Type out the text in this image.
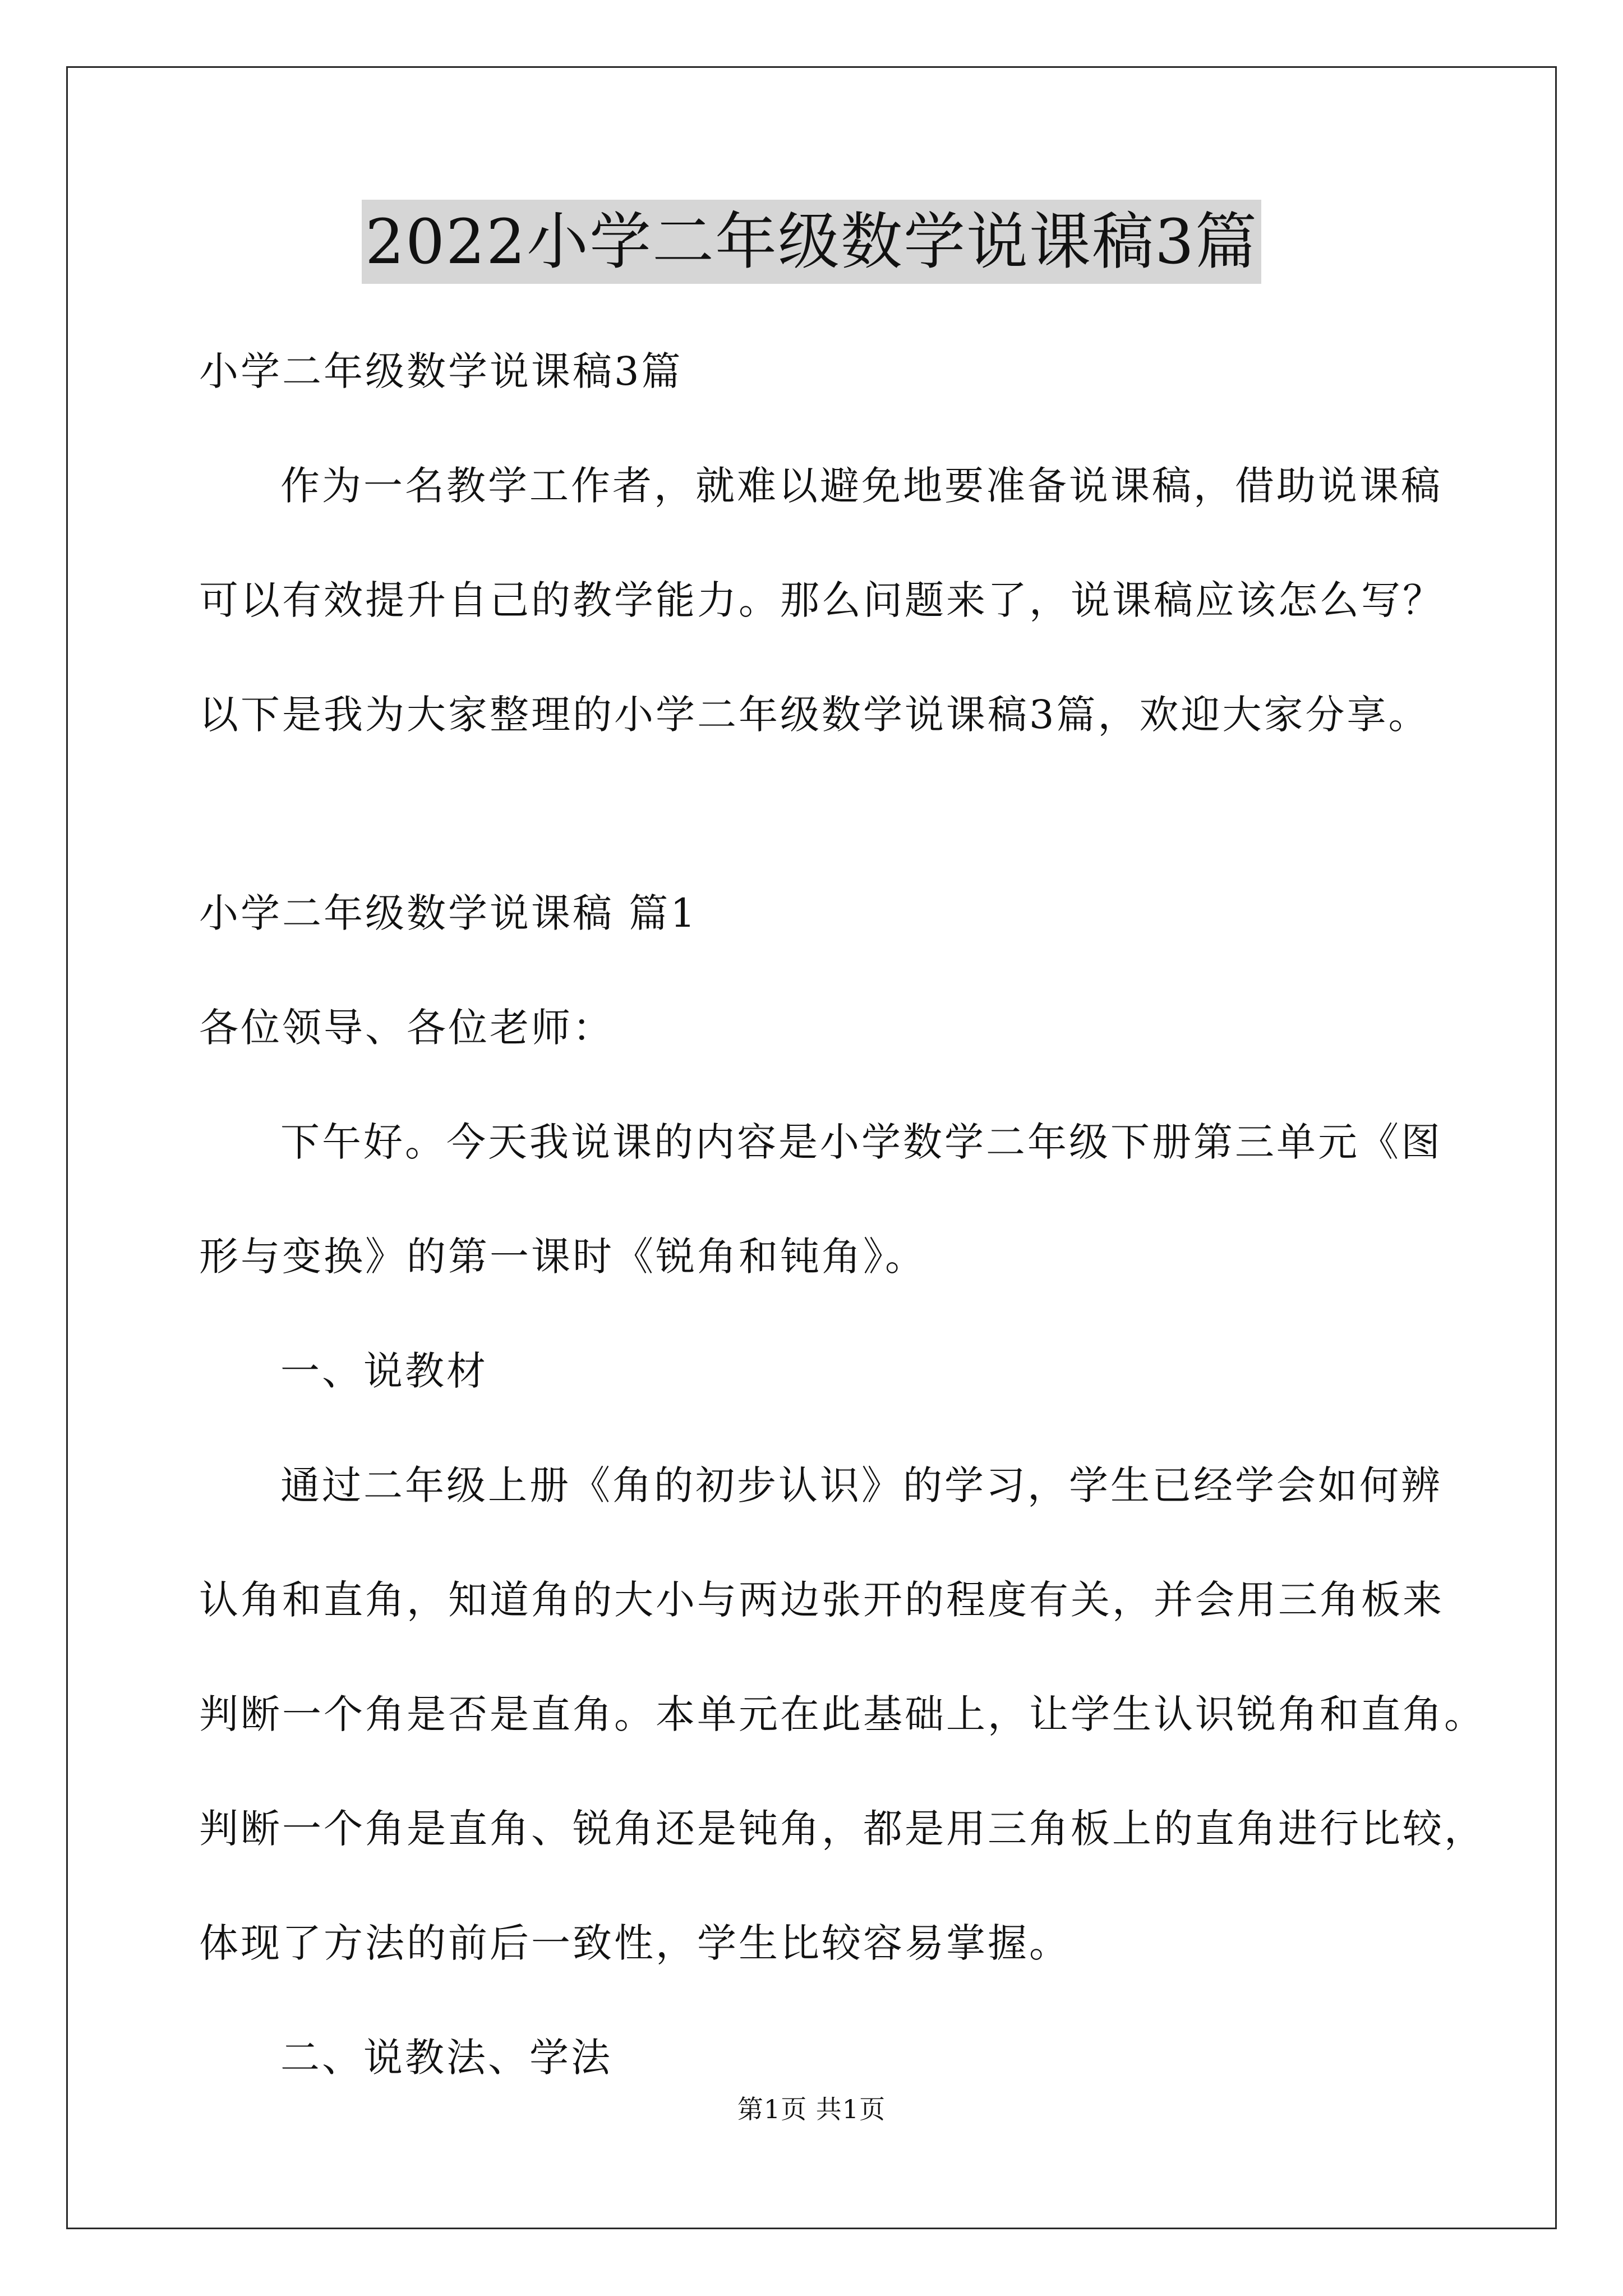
2022小学二年级数学说课稿3篇
小学二年级数学说课稿3篇
作为一名教学工作者，就难以避免地要准备说课稿，借助说课稿
可以有效提升自己的教学能力。那么问题来了，说课稿应该怎么写？
以下是我为大家整理的小学二年级数学说课稿3篇，欢迎大家分享。
小学二年级数学说课稿 篇1
各位领导、各位老师：
下午好。今天我说课的内容是小学数学二年级下册第三单元《图
形与变换》的第一课时《锐角和钝角》。
一、说教材
通过二年级上册《角的初步认识》的学习，学生已经学会如何辨
认角和直角，知道角的大小与两边张开的程度有关，并会用三角板来
判断一个角是否是直角。本单元在此基础上，让学生认识锐角和直角。
判断一个角是直角、锐角还是钝角，都是用三角板上的直角进行比较，
体现了方法的前后一致性，学生比较容易掌握。
二、说教法、学法
第1页 共1页
